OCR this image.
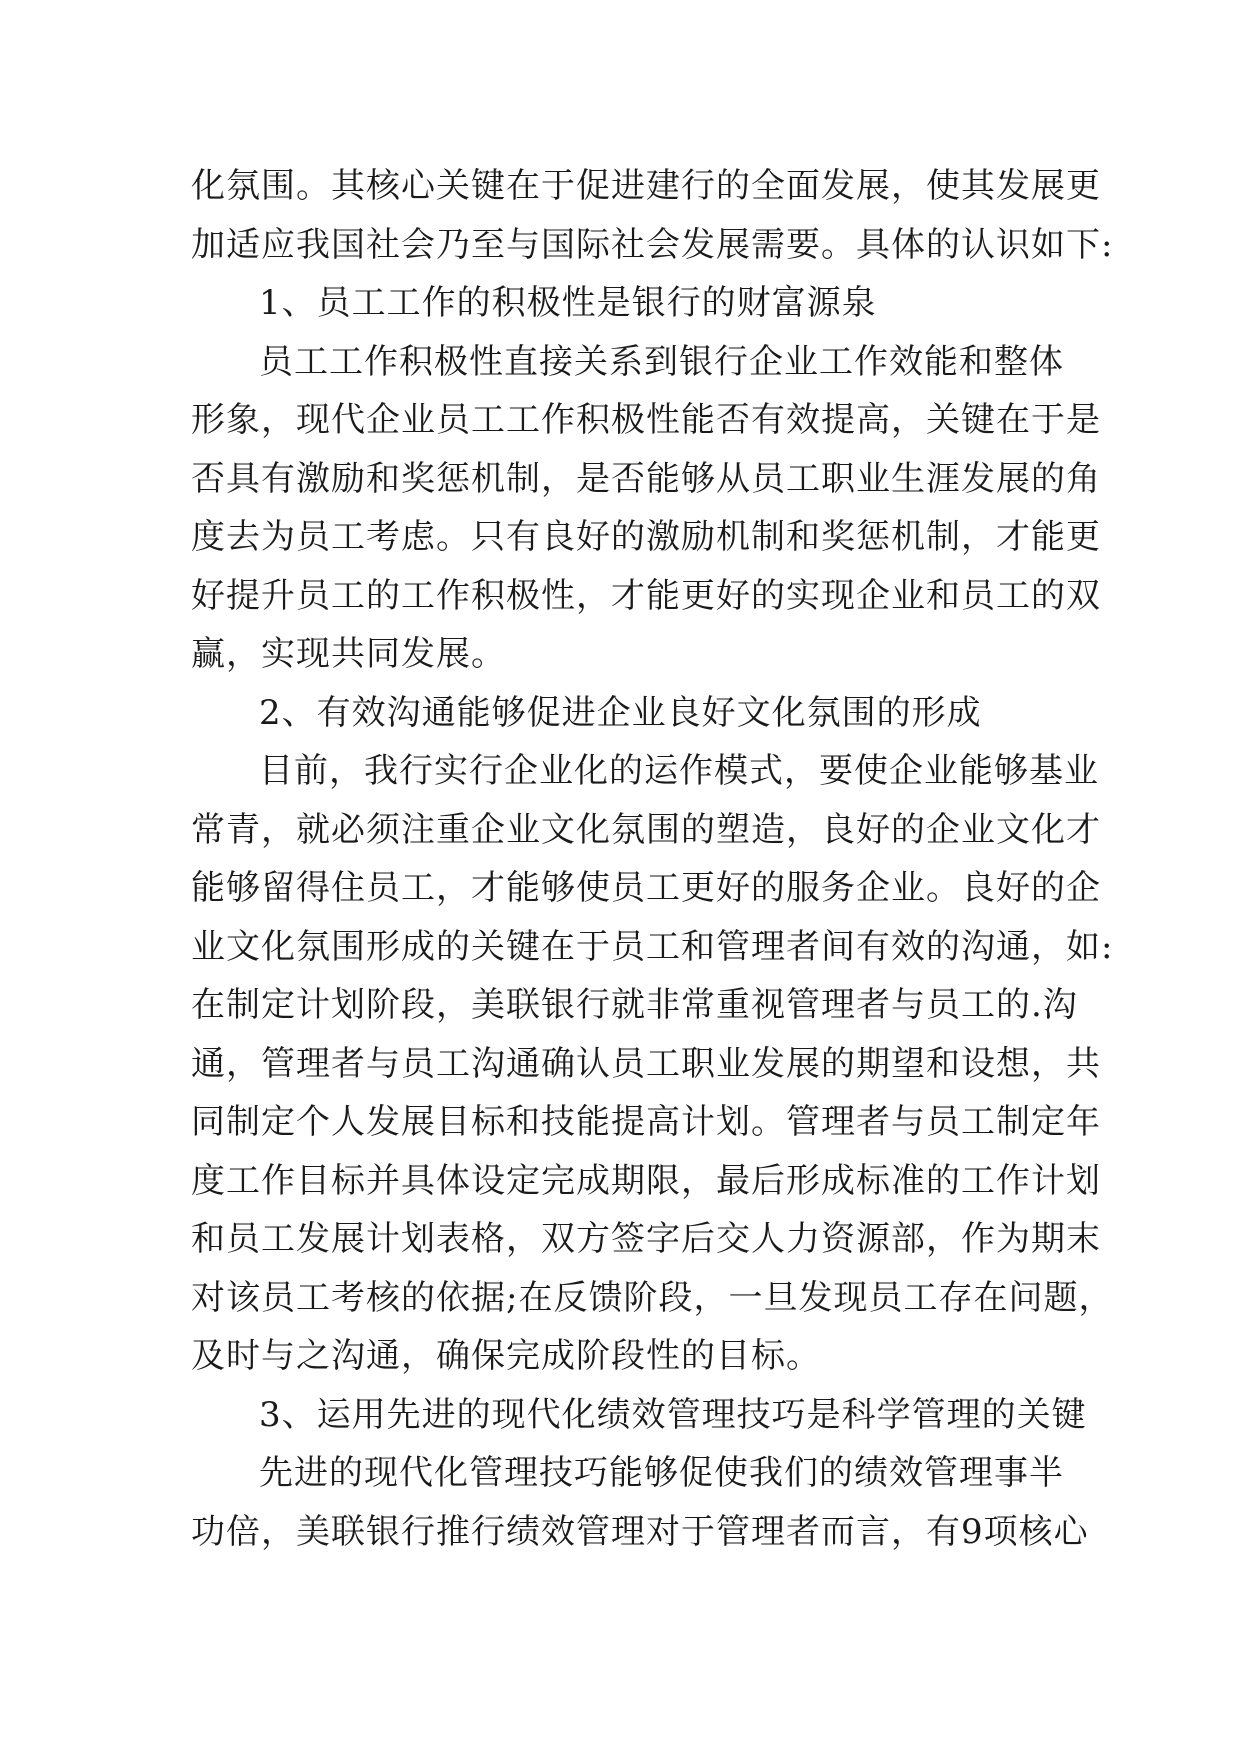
化氛围。其核心关键在于促进建行的全面发展，使其发展更
加适应我国社会乃至与国际社会发展需要。具体的认识如下:
1、员工工作的积极性是银行的财富源泉
员工工作积极性直接关系到银行企业工作效能和整体
形象，现代企业员工工作积极性能否有效提高，关键在于是
否具有激励和奖惩机制，是否能够从员工职业生涯发展的角
度去为员工考虑。只有良好的激励机制和奖惩机制，才能更
好提升员工的工作积极性，才能更好的实现企业和员工的双
赢，实现共同发展。
2、有效沟通能够促进企业良好文化氛围的形成
目前，我行实行企业化的运作模式，要使企业能够基业
常青，就必须注重企业文化氛围的塑造，良好的企业文化才
能够留得住员工，才能够使员工更好的服务企业。良好的企
业文化氛围形成的关键在于员工和管理者间有效的沟通，如:
在制定计划阶段，美联银行就非常重视管理者与员工的.沟
通，管理者与员工沟通确认员工职业发展的期望和设想，共
同制定个人发展目标和技能提高计划。管理者与员工制定年
度工作目标并具体设定完成期限，最后形成标准的工作计划
和员工发展计划表格，双方签字后交人力资源部，作为期末
对该员工考核的依据;在反馈阶段，一旦发现员工存在问题，
及时与之沟通，确保完成阶段性的目标。
3、运用先进的现代化绩效管理技巧是科学管理的关键
先进的现代化管理技巧能够促使我们的绩效管理事半
功倍，美联银行推行绩效管理对于管理者而言，有9项核心
